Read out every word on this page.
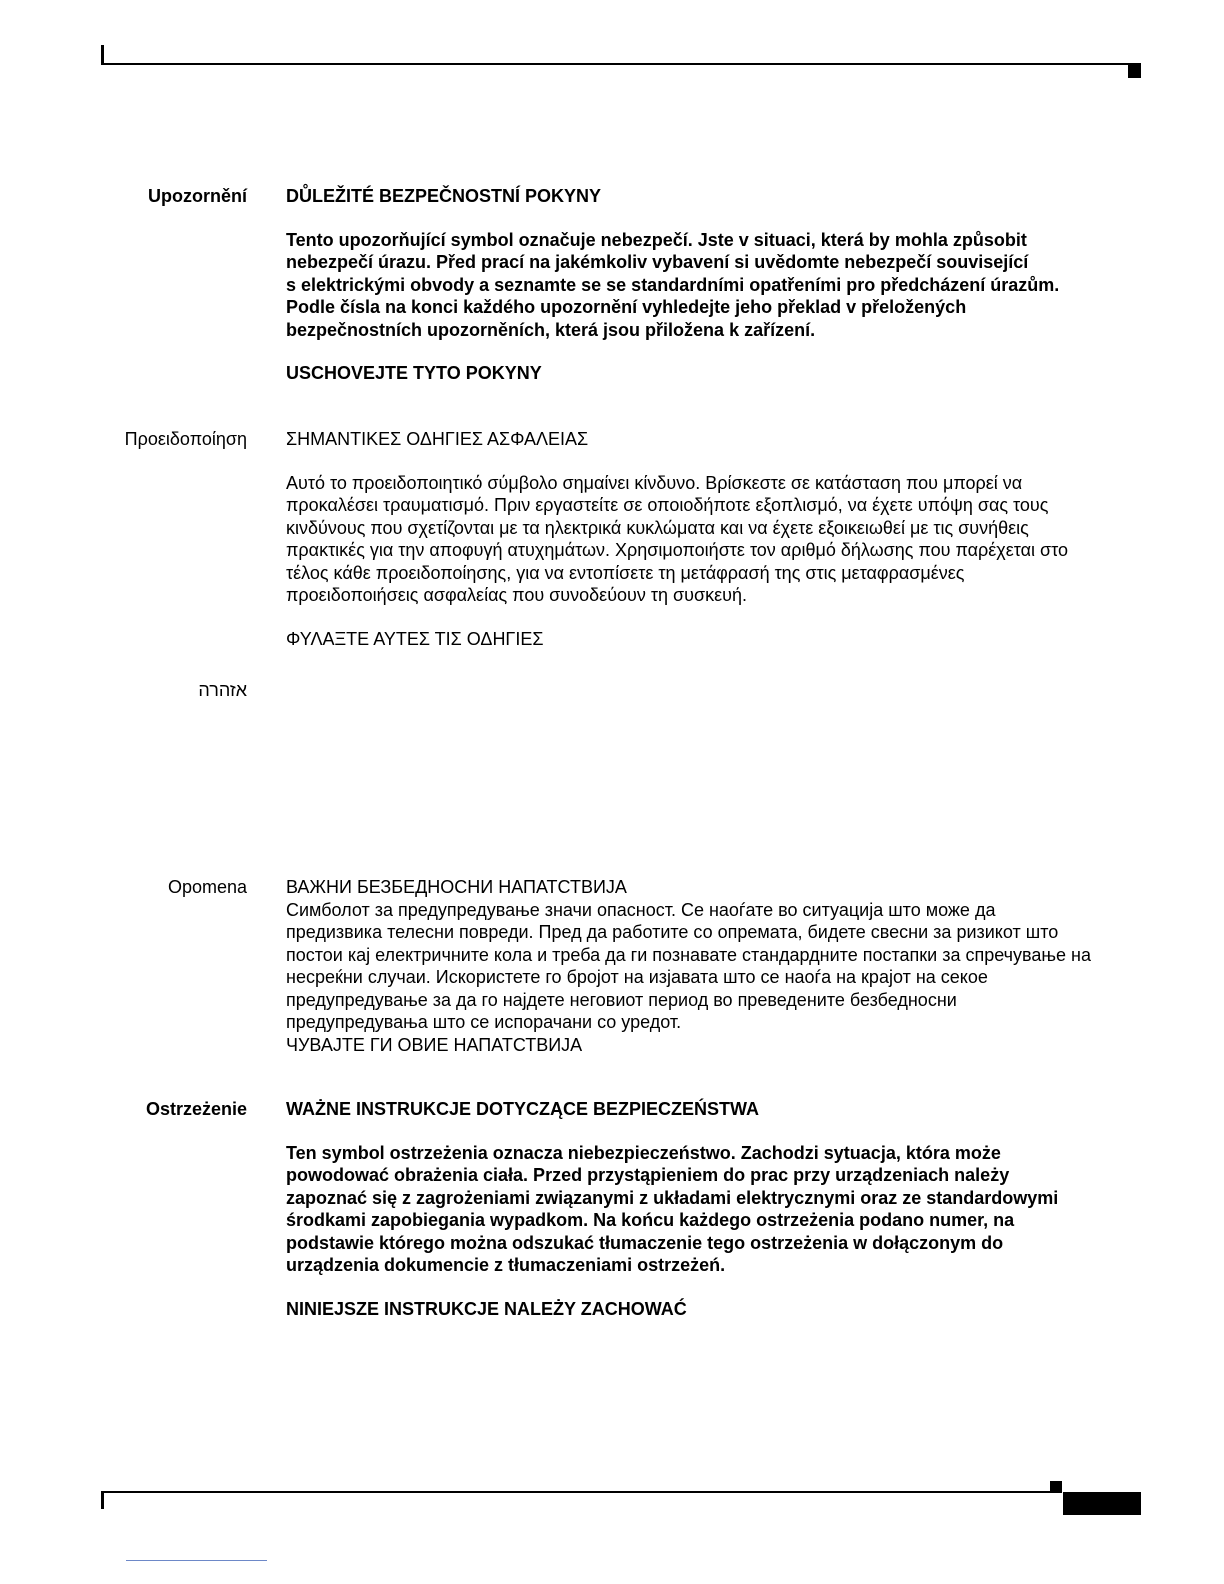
Upozornění DŮLEŽITÉ BEZPEČNOSTNÍ POKYNY

Tento upozorňující symbol označuje nebezpečí. Jste v situaci, která by mohla způsobit

nebezpečí úrazu. Před prací na jakémkoliv vybavení si uvědomte nebezpečí související

s elektrickými obvody a seznamte se se standardními opatřeními pro předcházení úrazům.

Podle čísla na konci každého upozornění vyhledejte jeho překlad v přeložených

bezpečnostních upozorněních, která jsou přiložena k zařízení.

USCHOVEJTE TYTO POKYNY

Προειδοποίηση ΣΗΜΑΝΤΙΚΕΣ ΟΔΗΓΙΕΣ ΑΣΦΑΛΕΙΑΣ

Αυτό το προειδοποιητικό σύμβολο σημαίνει κίνδυνο. Βρίσκεστε σε κατάσταση που μπορεί να

προκαλέσει τραυματισμό. Πριν εργαστείτε σε οποιοδήποτε εξοπλισμό, να έχετε υπόψη σας τους

κινδύνους που σχετίζονται με τα ηλεκτρικά κυκλώματα και να έχετε εξοικειωθεί με τις συνήθεις

πρακτικές για την αποφυγή ατυχημάτων. Χρησιμοποιήστε τον αριθμό δήλωσης που παρέχεται στο

τέλος κάθε προειδοποίησης, για να εντοπίσετε τη μετάφρασή της στις μεταφρασμένες

προειδοποιήσεις ασφαλείας που συνοδεύουν τη συσκευή.

ΦΥΛΑΞΤΕ ΑΥΤΕΣ ΤΙΣ ΟΔΗΓΙΕΣ

אזהרה
Opomena ВАЖНИ БЕЗБЕДНОСНИ НАПАТСТВИЈА

Симболот за предупредување значи опасност. Се наоѓате во ситуација што може да

предизвика телесни повреди. Пред да работите со опремата, бидете свесни за ризикот што

постои кај електричните кола и треба да ги познавате стандардните постапки за спречување на

несреќни случаи. Искористете го бројот на изјавата што се наоѓа на крајот на секое

предупредување за да го најдете неговиот период во преведените безбедносни

предупредувања што се испорачани со уредот.

ЧУВАЈТЕ ГИ ОВИЕ НАПАТСТВИЈА

Ostrzeżenie WAŻNE INSTRUKCJE DOTYCZĄCE BEZPIECZEŃSTWA

Ten symbol ostrzeżenia oznacza niebezpieczeństwo. Zachodzi sytuacja, która może

powodować obrażenia ciała. Przed przystąpieniem do prac przy urządzeniach należy

zapoznać się z zagrożeniami związanymi z układami elektrycznymi oraz ze standardowymi

środkami zapobiegania wypadkom. Na końcu każdego ostrzeżenia podano numer, na

podstawie którego można odszukać tłumaczenie tego ostrzeżenia w dołączonym do

urządzenia dokumencie z tłumaczeniami ostrzeżeń.

NINIEJSZE INSTRUKCJE NALEŻY ZACHOWAĆ
